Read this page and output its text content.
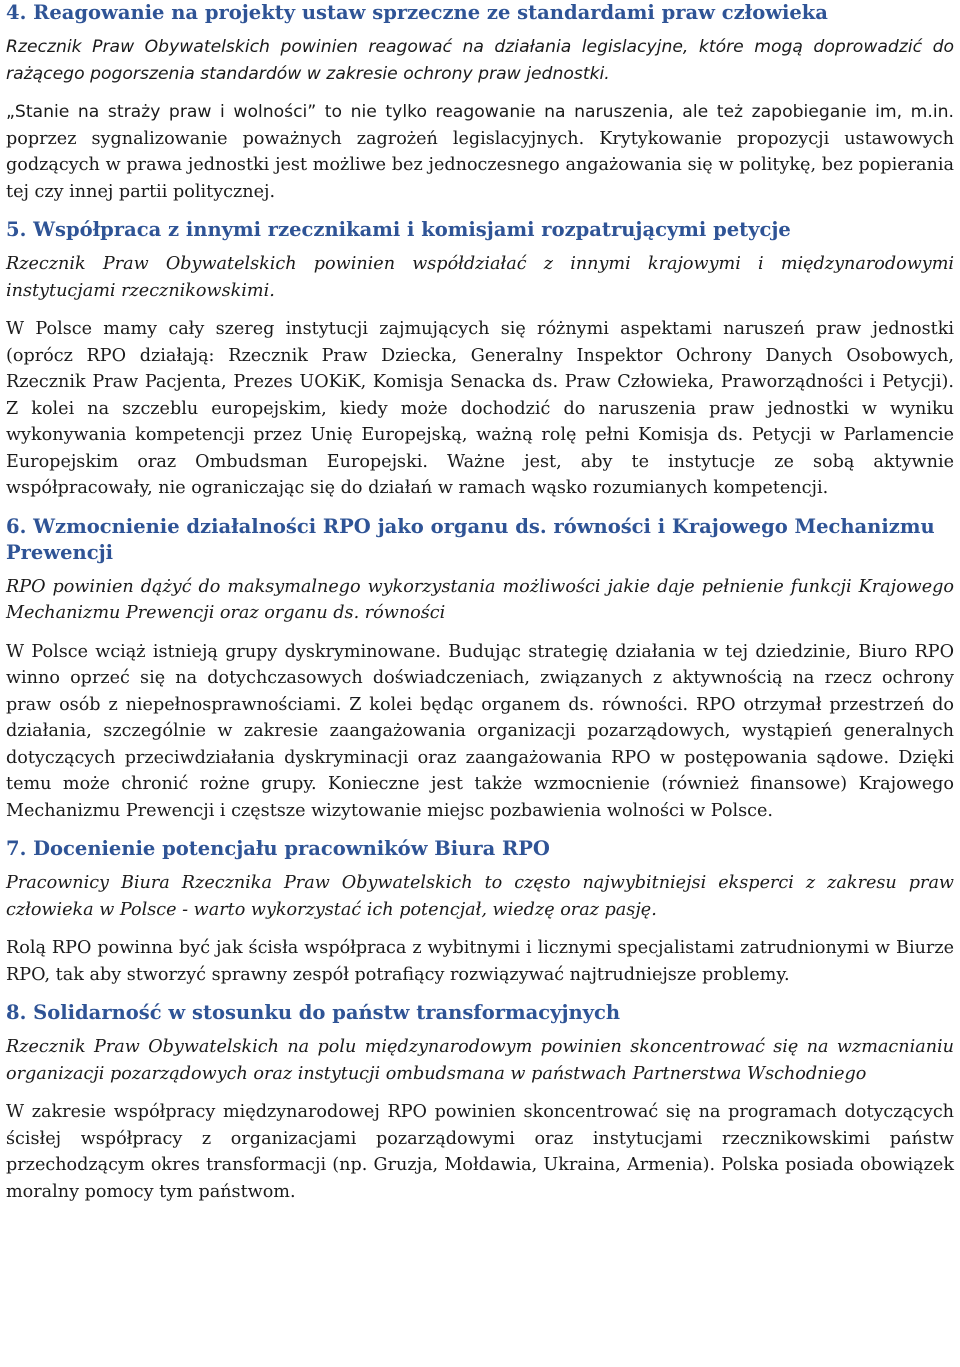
4. Reagowanie na projekty ustaw sprzeczne ze standardami praw człowieka
Rzecznik Praw Obywatelskich powinien reagować na działania legislacyjne, które mogą doprowadzić do rażącego pogorszenia standardów w zakresie ochrony praw jednostki.
„Stanie na straży praw i wolności” to nie tylko reagowanie na naruszenia, ale też zapobieganie im, m.in. poprzez sygnalizowanie poważnych zagrożeń legislacyjnych. Krytykowanie propozycji ustawowych godzących w prawa jednostki jest możliwe bez jednoczesnego angażowania się w politykę, bez popierania tej czy innej partii politycznej.
5. Współpraca z innymi rzecznikami i komisjami rozpatrującymi petycje
Rzecznik Praw Obywatelskich powinien współdziałać z innymi krajowymi i międzynarodowymi instytucjami rzecznikowskimi.
W Polsce mamy cały szereg instytucji zajmujących się różnymi aspektami naruszeń praw jednostki (oprócz RPO działają: Rzecznik Praw Dziecka, Generalny Inspektor Ochrony Danych Osobowych, Rzecznik Praw Pacjenta, Prezes UOKiK, Komisja Senacka ds. Praw Człowieka, Praworządności i Petycji). Z kolei na szczeblu europejskim, kiedy może dochodzić do naruszenia praw jednostki w wyniku wykonywania kompetencji przez Unię Europejską, ważną rolę pełni Komisja ds. Petycji w Parlamencie Europejskim oraz Ombudsman Europejski. Ważne jest, aby te instytucje ze sobą aktywnie współpracowały, nie ograniczając się do działań w ramach wąsko rozumianych kompetencji.
6. Wzmocnienie działalności RPO jako organu ds. równości i Krajowego Mechanizmu Prewencji
RPO powinien dążyć do maksymalnego wykorzystania możliwości jakie daje pełnienie funkcji Krajowego Mechanizmu Prewencji oraz organu ds. równości
W Polsce wciąż istnieją grupy dyskryminowane. Budując strategię działania w tej dziedzinie, Biuro RPO winno oprzeć się na dotychczasowych doświadczeniach, związanych z aktywnością na rzecz ochrony praw osób z niepełnosprawnościami. Z kolei będąc organem ds. równości. RPO otrzymał przestrzeń do działania, szczególnie w zakresie zaangażowania organizacji pozarządowych, wystąpień generalnych dotyczących przeciwdziałania dyskryminacji oraz zaangażowania RPO w postępowania sądowe. Dzięki temu może chronić rożne grupy. Konieczne jest także wzmocnienie (również finansowe) Krajowego Mechanizmu Prewencji i częstsze wizytowanie miejsc pozbawienia wolności w Polsce.
7. Docenienie potencjału pracowników Biura RPO
Pracownicy Biura Rzecznika Praw Obywatelskich to często najwybitniejsi eksperci z zakresu praw człowieka w Polsce - warto wykorzystać ich potencjał, wiedzę oraz pasję.
Rolą RPO powinna być jak ścisła współpraca z wybitnymi i licznymi specjalistami zatrudnionymi w Biurze RPO, tak aby stworzyć sprawny zespół potrafiący rozwiązywać najtrudniejsze problemy.
8. Solidarność w stosunku do państw transformacyjnych
Rzecznik Praw Obywatelskich na polu międzynarodowym powinien skoncentrować się na wzmacnianiu organizacji pozarządowych oraz instytucji ombudsmana w państwach Partnerstwa Wschodniego
W zakresie współpracy międzynarodowej RPO powinien skoncentrować się na programach dotyczących ścisłej współpracy z organizacjami pozarządowymi oraz instytucjami rzecznikowskimi państw przechodzącym okres transformacji (np. Gruzja, Mołdawia, Ukraina, Armenia). Polska posiada obowiązek moralny pomocy tym państwom.
